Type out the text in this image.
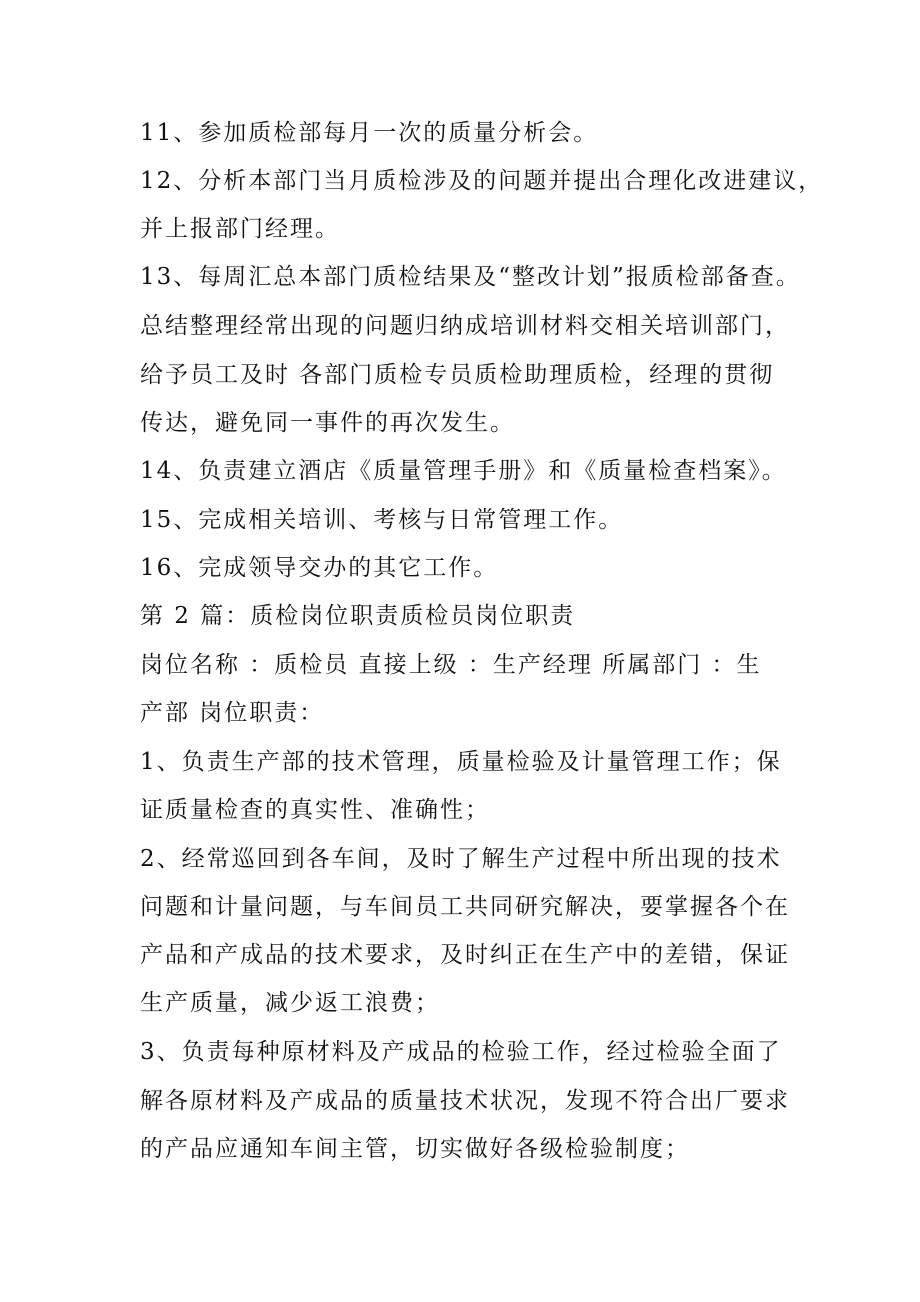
11、参加质检部每月一次的质量分析会。
12、分析本部门当月质检涉及的问题并提出合理化改进建议，
并上报部门经理。
13、每周汇总本部门质检结果及“整改计划”报质检部备查。
总结整理经常出现的问题归纳成培训材料交相关培训部门，
给予员工及时 各部门质检专员质检助理质检，经理的贯彻
传达，避免同一事件的再次发生。
14、负责建立酒店《质量管理手册》和《质量检查档案》。
15、完成相关培训、考核与日常管理工作。
16、完成领导交办的其它工作。
第 2 篇：质检岗位职责质检员岗位职责
岗位名称 ：质检员 直接上级 ：生产经理 所属部门 ：生
产部 岗位职责：
1、负责生产部的技术管理，质量检验及计量管理工作；保
证质量检查的真实性、准确性；
2、经常巡回到各车间，及时了解生产过程中所出现的技术
问题和计量问题，与车间员工共同研究解决，要掌握各个在
产品和产成品的技术要求，及时纠正在生产中的差错，保证
生产质量，减少返工浪费；
3、负责每种原材料及产成品的检验工作，经过检验全面了
解各原材料及产成品的质量技术状况，发现不符合出厂要求
的产品应通知车间主管，切实做好各级检验制度；
